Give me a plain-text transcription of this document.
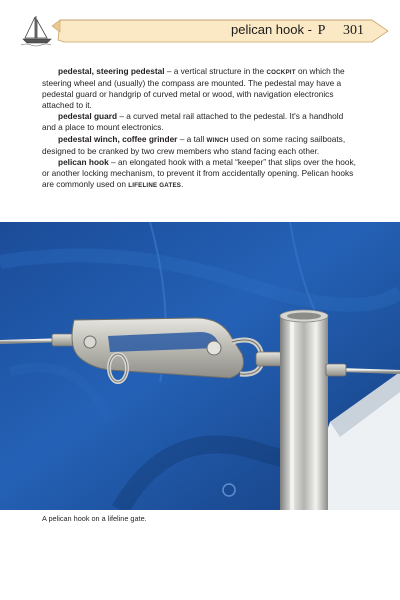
pelican hook - P 301

pedestal, steering pedestal – a vertical structure in the COCKPIT on which the steering wheel and (usually) the compass are mounted. The pedestal may have a pedestal guard or handgrip of curved metal or wood, with navigation electronics attached to it.

pedestal guard – a curved metal rail attached to the pedestal. It's a handhold and a place to mount electronics.

pedestal winch, coffee grinder – a tall WINCH used on some racing sailboats, designed to be cranked by two crew members who stand facing each other.

pelican hook – an elongated hook with a metal “keeper” that slips over the hook, or another locking mechanism, to prevent it from accidentally opening. Pelican hooks are commonly used on LIFELINE GATES.

A pelican hook on a lifeline gate.
